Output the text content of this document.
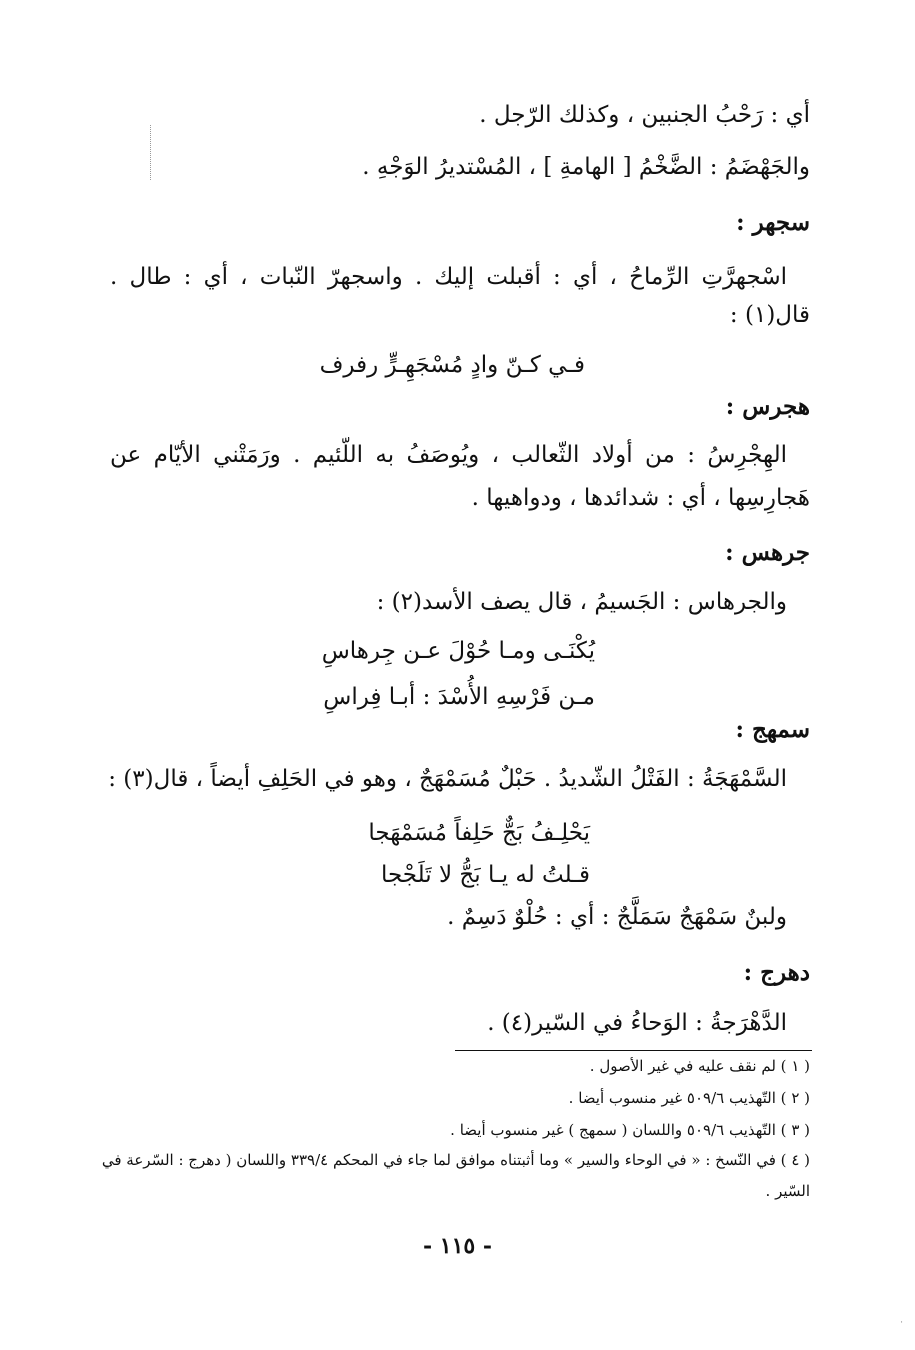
أي : رَحْبُ الجنبين ، وكذلك الرّجل .
والجَهْضَمُ : الضَّخْمُ [ الهامةِ ] ، المُسْتديرُ الوَجْهِ .
سجهر :
اسْجهرَّتِ الرِّماحُ ، أي : أقبلت إليك . واسجهرّ النّبات ، أي : طال .
قال(١) :
فـي كـنّ وادٍ مُسْجَهِـرٍّ رفرف
هجرس :
الهِجْرِسُ : من أولاد الثّعالب ، ويُوصَفُ به اللّئيم . ورَمَتْني الأيّام عن
هَجارِسِها ، أي : شدائدها ، ودواهيها .
جرهس :
والجرهاس : الجَسيمُ ، قال يصف الأسد(٢) :
يُكْنَـى ومـا حُوْلَ عـن جِرهاسِ
مـن فَرْسِهِ الأُسْدَ : أبـا فِراسِ
سمهج :
السَّمْهَجَةُ : الفَتْلُ الشّديدُ . حَبْلٌ مُسَمْهَجٌ ، وهو في الحَلِفِ أيضاً ، قال(٣) :
يَحْلِـفُ بَجٌّ حَلِفاً مُسَمْهَجا
قـلتُ له يـا بَجُّ لا تَلَجْجا
ولبنٌ سَمْهَجٌ سَمَلَّجٌ : أي : حُلْوٌ دَسِمٌ .
دهرج :
الدَّهْرَجةُ : الوَحاءُ في السّير(٤) .
( ١ ) لم نقف عليه في غير الأصول .
( ٢ ) التّهذيب ٥٠٩/٦ غير منسوب أيضا .
( ٣ ) التّهذيب ٥٠٩/٦ واللسان ( سمهج ) غير منسوب أيضا .
( ٤ ) في النّسخ : « في الوحاء والسير » وما أثبتناه موافق لما جاء في المحكم ٣٣٩/٤ واللسان ( دهرج : السّرعة في
السّير .
- ١١٥ -
·
